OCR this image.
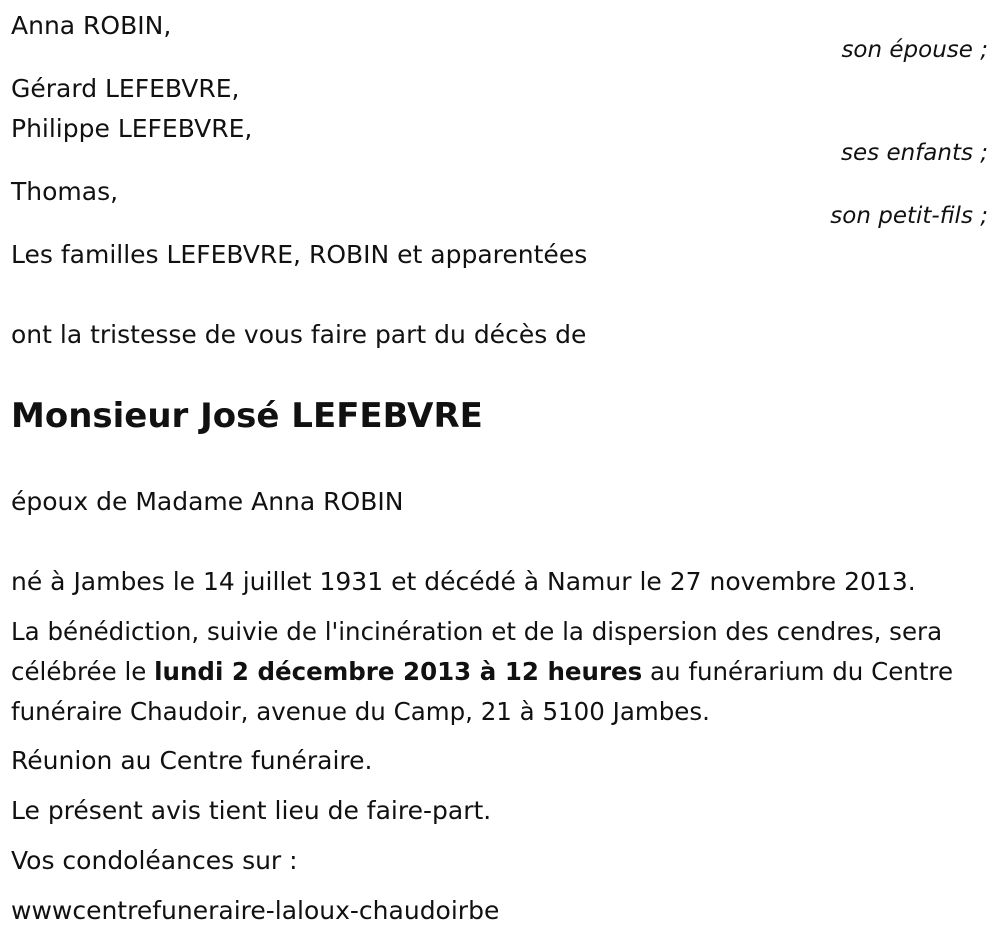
Anna ROBIN,
son épouse ;
Gérard LEFEBVRE,
Philippe LEFEBVRE,
ses enfants ;
Thomas,
son petit-fils ;
Les familles LEFEBVRE, ROBIN et apparentées
ont la tristesse de vous faire part du décès de
Monsieur José LEFEBVRE
époux de Madame Anna ROBIN
né à Jambes le 14 juillet 1931 et décédé à Namur le 27 novembre 2013.
La bénédiction, suivie de l'incinération et de la dispersion des cendres, sera célébrée le lundi 2 décembre 2013 à 12 heures au funérarium du Centre funéraire Chaudoir, avenue du Camp, 21 à 5100 Jambes.
Réunion au Centre funéraire.
Le présent avis tient lieu de faire-part.
Vos condoléances sur :
wwwcentrefuneraire-laloux-chaudoirbe
